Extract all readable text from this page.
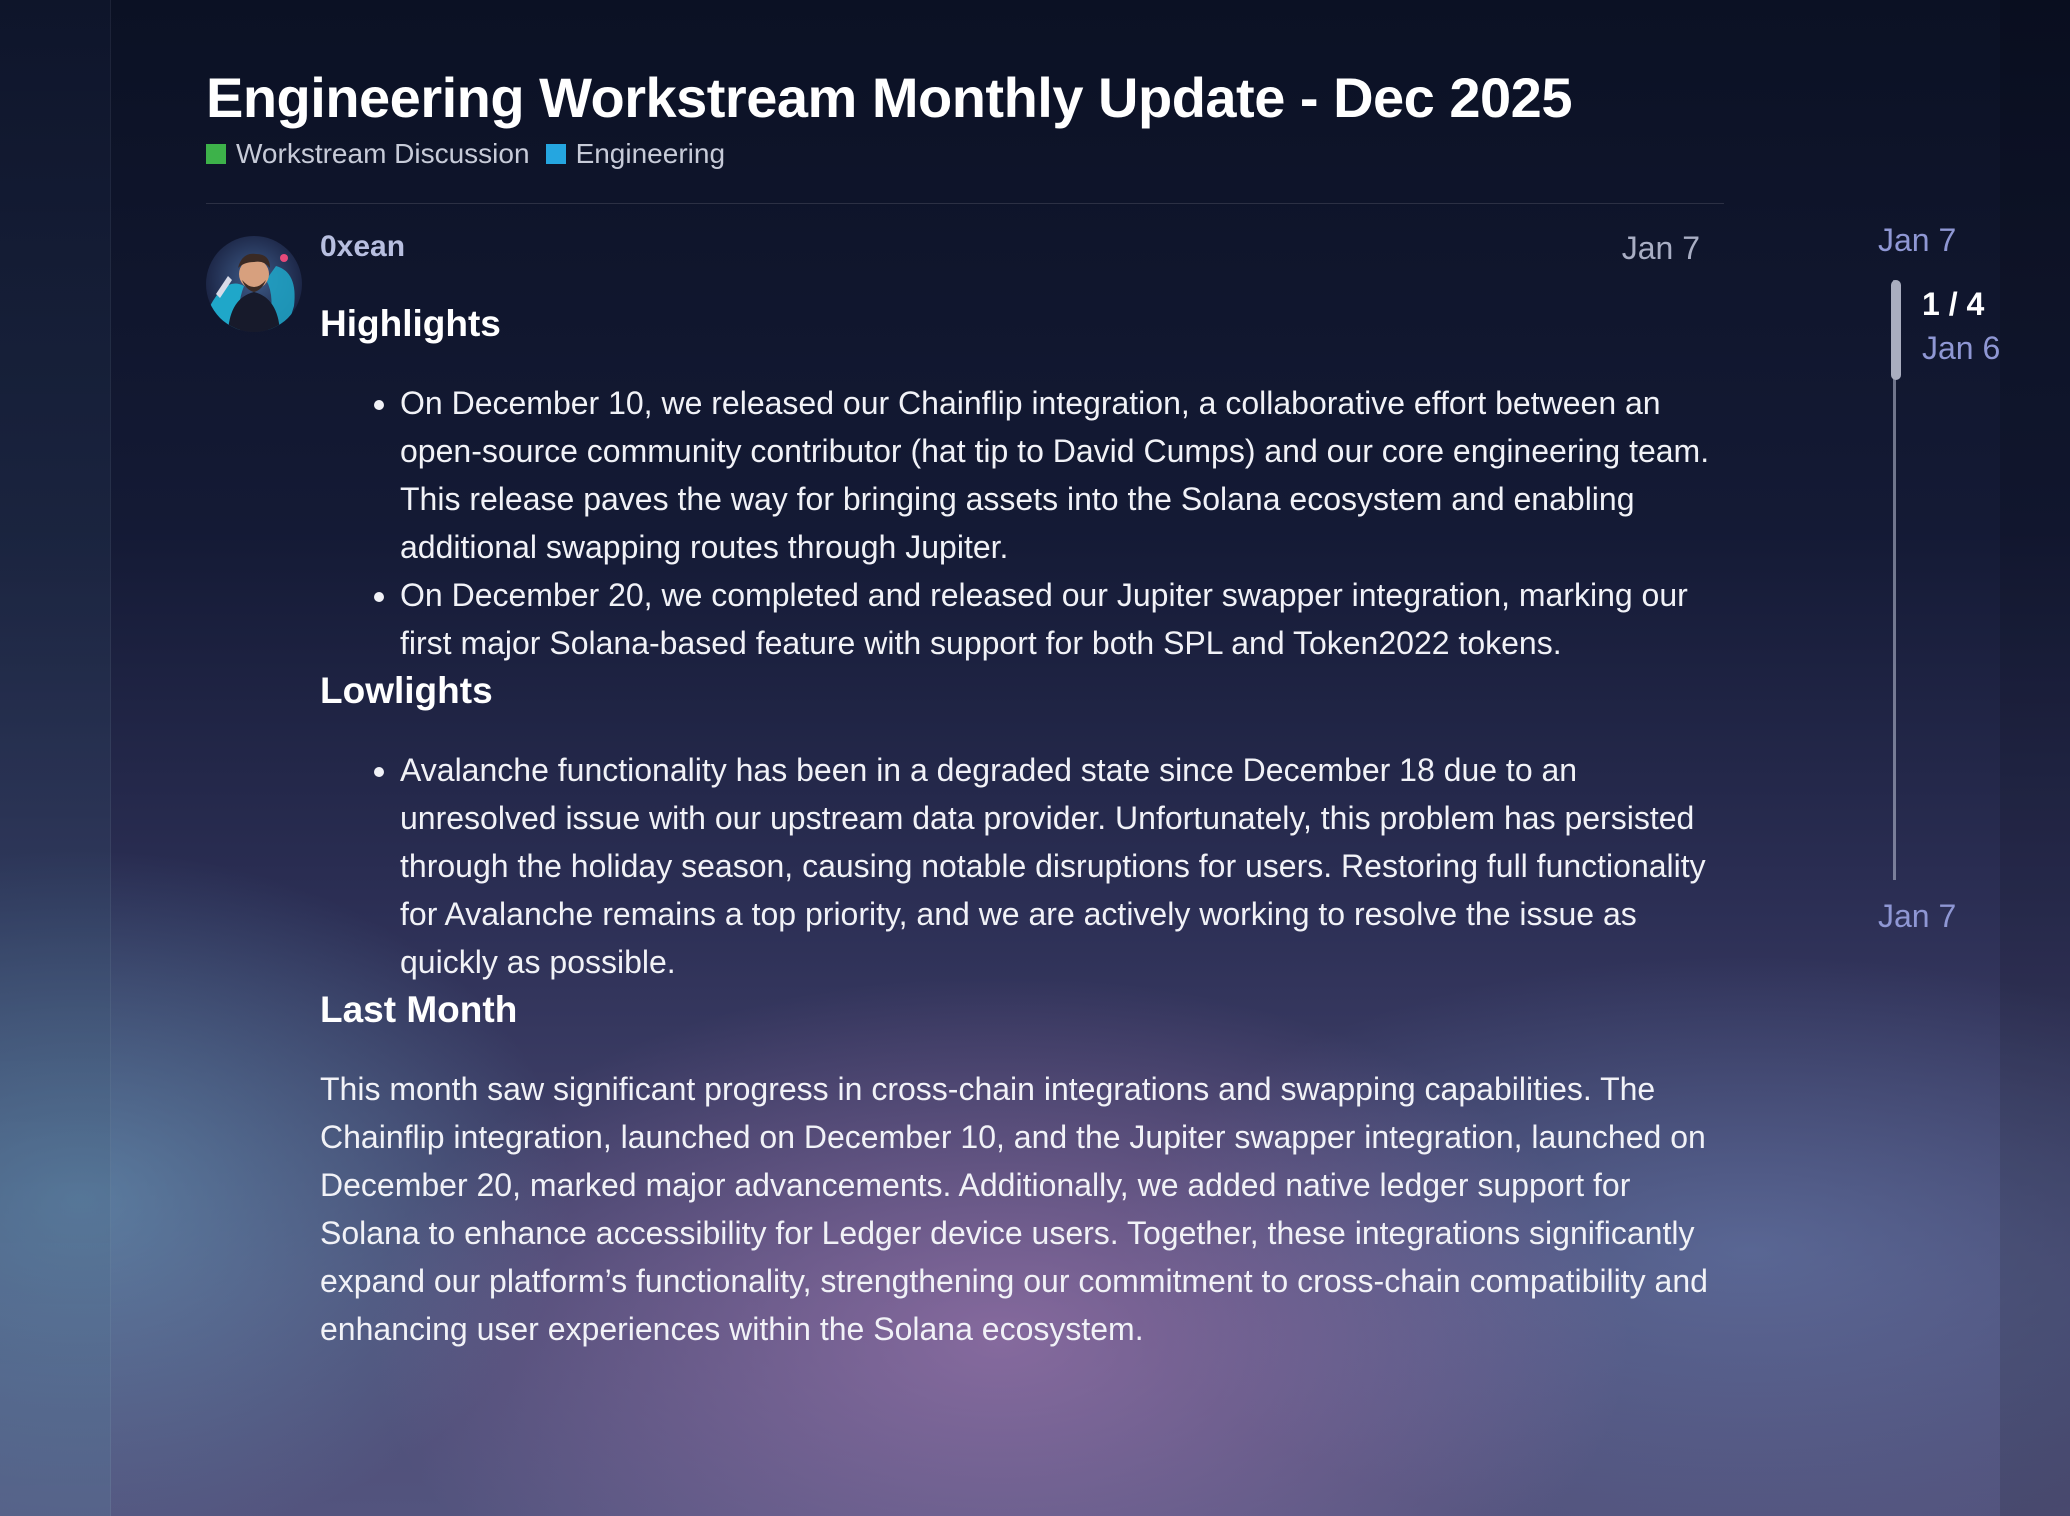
Engineering Workstream Monthly Update - Dec 2025
Workstream Discussion Engineering
0xean	Jan 7
Highlights
• On December 10, we released our Chainflip integration, a collaborative effort between an open-source community contributor (hat tip to David Cumps) and our core engineering team. This release paves the way for bringing assets into the Solana ecosystem and enabling additional swapping routes through Jupiter.
• On December 20, we completed and released our Jupiter swapper integration, marking our first major Solana-based feature with support for both SPL and Token2022 tokens.
Lowlights
• Avalanche functionality has been in a degraded state since December 18 due to an unresolved issue with our upstream data provider. Unfortunately, this problem has persisted through the holiday season, causing notable disruptions for users. Restoring full functionality for Avalanche remains a top priority, and we are actively working to resolve the issue as quickly as possible.
Last Month

This month saw significant progress in cross-chain integrations and swapping capabilities. The Chainflip integration, launched on December 10, and the Jupiter swapper integration, launched on December 20, marked major advancements. Additionally, we added native ledger support for Solana to enhance accessibility for Ledger device users. Together, these integrations significantly expand our platform’s functionality, strengthening our commitment to cross-chain compatibility and enhancing user experiences within the Solana ecosystem.

Jan 7
1 / 4
Jan 6
Jan 7
